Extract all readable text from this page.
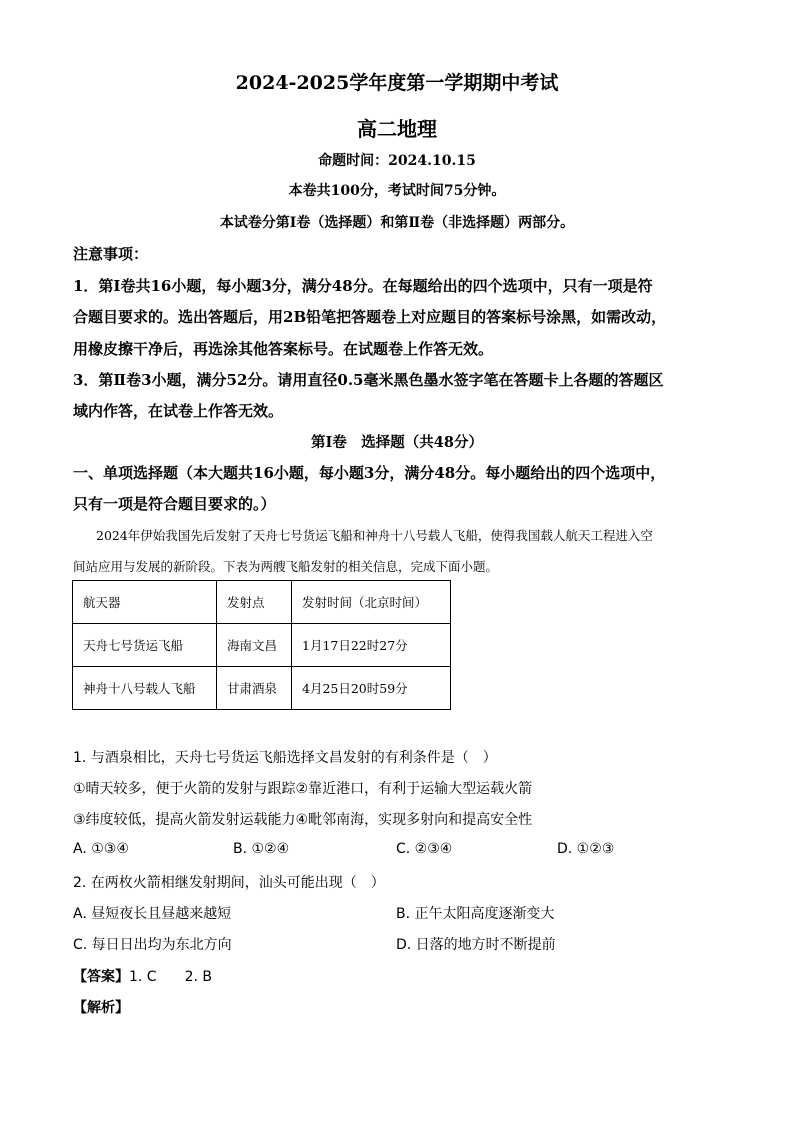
2024-2025学年度第一学期期中考试
高二地理
命题时间：2024.10.15
本卷共100分，考试时间75分钟。
本试卷分第Ⅰ卷（选择题）和第Ⅱ卷（非选择题）两部分。
注意事项：
1．第Ⅰ卷共16小题，每小题3分，满分48分。在每题给出的四个选项中，只有一项是符
合题目要求的。选出答题后，用2B铅笔把答题卷上对应题目的答案标号涂黑，如需改动，
用橡皮擦干净后，再选涂其他答案标号。在试题卷上作答无效。
3．第Ⅱ卷3小题，满分52分。请用直径0.5毫米黑色墨水签字笔在答题卡上各题的答题区
域内作答，在试卷上作答无效。
第Ⅰ卷　选择题（共48分）
一、单项选择题（本大题共16小题，每小题3分，满分48分。每小题给出的四个选项中，
只有一项是符合题目要求的。）
2024年伊始我国先后发射了天舟七号货运飞船和神舟十八号载人飞船，使得我国载人航天工程进入空
间站应用与发展的新阶段。下表为两艘飞船发射的相关信息，完成下面小题。
航天器	发射点	发射时间（北京时间）
天舟七号货运飞船	海南文昌	1月17日22时27分
神舟十八号载人飞船	甘肃酒泉	4月25日20时59分
1. 与酒泉相比，天舟七号货运飞船选择文昌发射的有利条件是（　）
①晴天较多，便于火箭的发射与跟踪②靠近港口，有利于运输大型运载火箭
③纬度较低，提高火箭发射运载能力④毗邻南海，实现多射向和提高安全性
A. ①③④	B. ①②④	C. ②③④	D. ①②③
2. 在两枚火箭相继发射期间，汕头可能出现（　）
A. 昼短夜长且昼越来越短	B. 正午太阳高度逐渐变大
C. 每日日出均为东北方向	D. 日落的地方时不断提前
【答案】1. C　　2. B
【解析】
